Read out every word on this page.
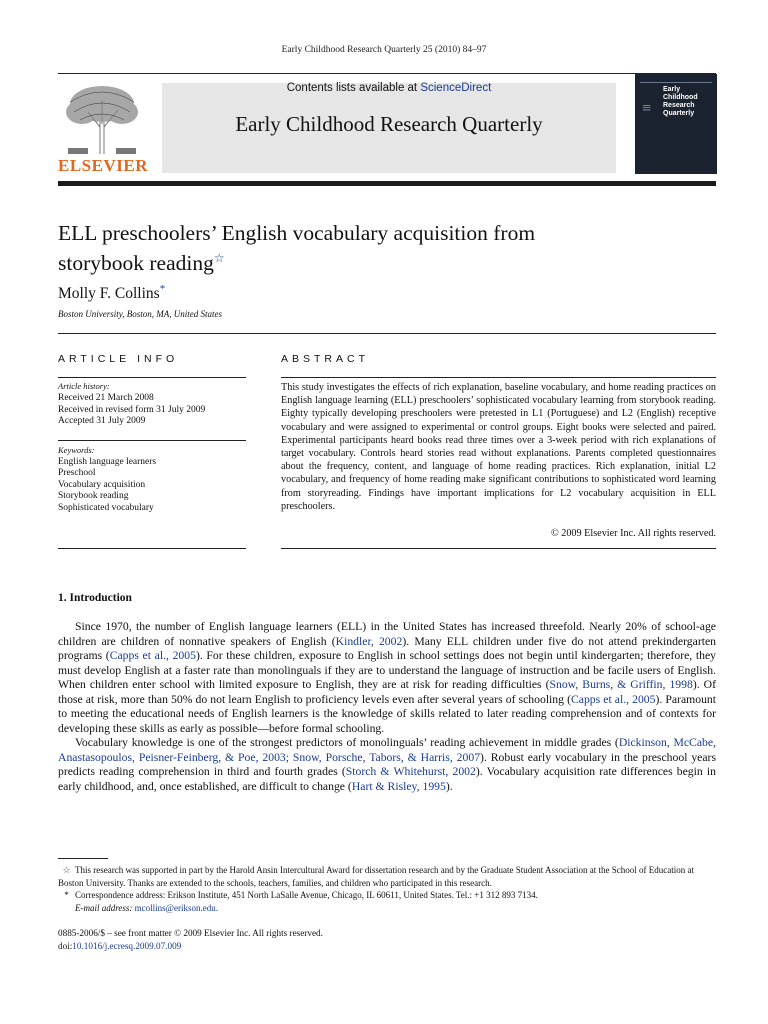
Early Childhood Research Quarterly 25 (2010) 84–97
ELSEVIER
Contents lists available at ScienceDirect
Early Childhood Research Quarterly
Early
Childhood
Research
Quarterly
≡
ELL preschoolers’ English vocabulary acquisition from
storybook reading☆
Molly F. Collins*
Boston University, Boston, MA, United States
ARTICLE INFO	ABSTRACT
Article history:
Received 21 March 2008
Received in revised form 31 July 2009
Accepted 31 July 2009
Keywords:
English language learners
Preschool
Vocabulary acquisition
Storybook reading
Sophisticated vocabulary
This study investigates the effects of rich explanation, baseline vocabulary, and home reading practices on English language learning (ELL) preschoolers’ sophisticated vocabulary learning from storybook reading. Eighty typically developing preschoolers were pretested in L1 (Portuguese) and L2 (English) receptive vocabulary and were assigned to experimental or control groups. Eight books were selected and paired. Experimental participants heard books read three times over a 3-week period with rich explanations of target vocabulary. Controls heard stories read without explanations. Parents completed questionnaires about the frequency, content, and language of home reading practices. Rich explanation, initial L2 vocabulary, and frequency of home reading make significant contributions to sophisticated word learning from storyreading. Findings have important implications for L2 vocabulary acquisition in ELL preschoolers.
© 2009 Elsevier Inc. All rights reserved.
1. Introduction

Since 1970, the number of English language learners (ELL) in the United States has increased threefold. Nearly 20% of school-age children are children of nonnative speakers of English (Kindler, 2002). Many ELL children under five do not attend prekindergarten programs (Capps et al., 2005). For these children, exposure to English in school settings does not begin until kindergarten; therefore, they must develop English at a faster rate than monolinguals if they are to understand the language of instruction and be facile users of English. When children enter school with limited exposure to English, they are at risk for reading difficulties (Snow, Burns, & Griffin, 1998). Of those at risk, more than 50% do not learn English to proficiency levels even after several years of schooling (Capps et al., 2005). Paramount to meeting the educational needs of English learners is the knowledge of skills related to later reading comprehension and of contexts for developing these skills as early as possible—before formal schooling.

Vocabulary knowledge is one of the strongest predictors of monolinguals’ reading achievement in middle grades (Dickinson, McCabe, Anastasopoulos, Peisner-Feinberg, & Poe, 2003; Snow, Porsche, Tabors, & Harris, 2007). Robust early vocabulary in the preschool years predicts reading comprehension in third and fourth grades (Storch & Whitehurst, 2002). Vocabulary acquisition rate differences begin in early childhood, and, once established, are difficult to change (Hart & Risley, 1995).

☆ This research was supported in part by the Harold Ansin Intercultural Award for dissertation research and by the Graduate Student Association at the School of Education at Boston University. Thanks are extended to the schools, teachers, families, and children who participated in this research.

* Correspondence address: Erikson Institute, 451 North LaSalle Avenue, Chicago, IL 60611, United States. Tel.: +1 312 893 7134.

E-mail address: mcollins@erikson.edu.

0885-2006/$ – see front matter © 2009 Elsevier Inc. All rights reserved.
doi:10.1016/j.ecresq.2009.07.009
